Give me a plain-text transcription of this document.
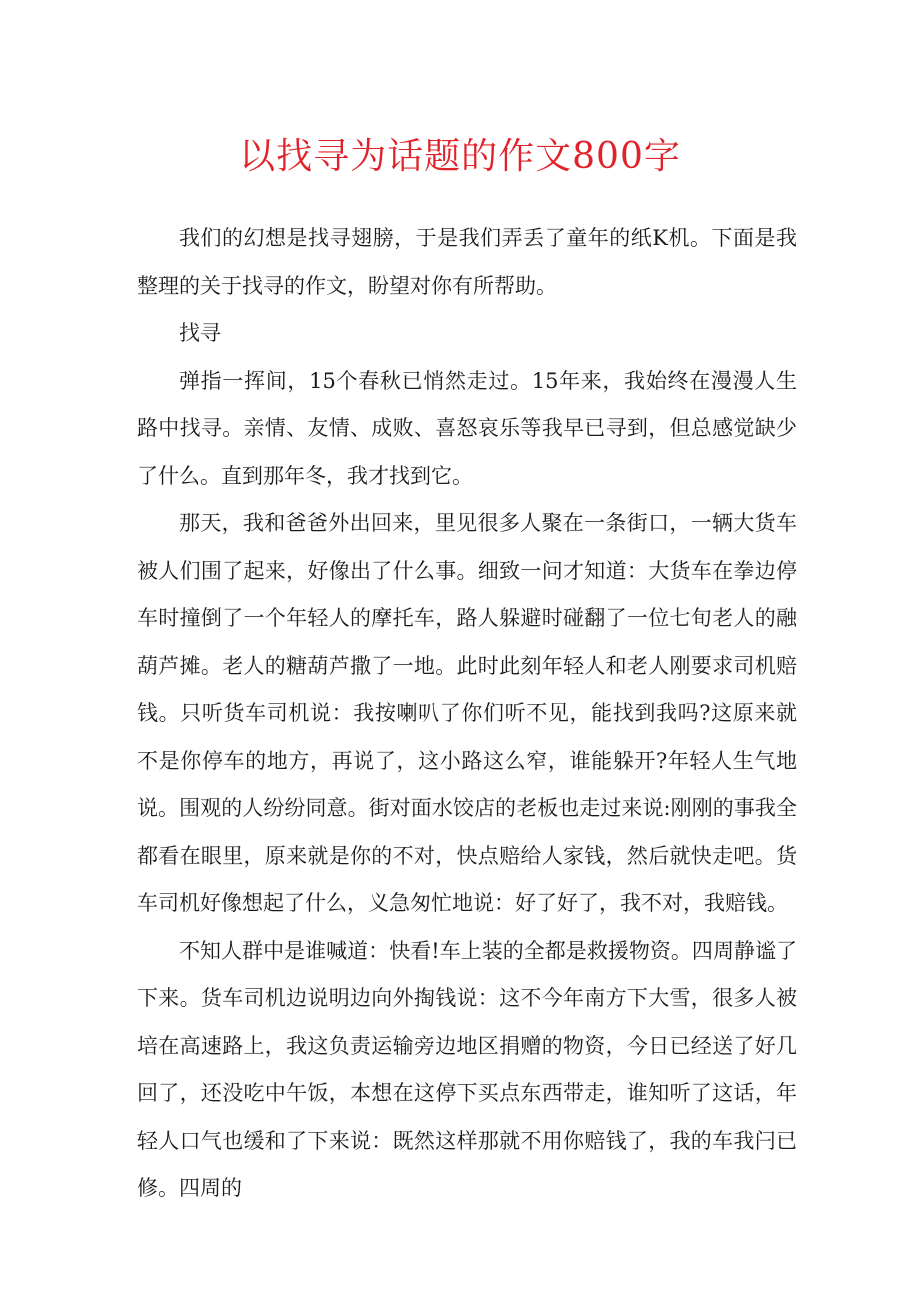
以找寻为话题的作文800字

我们的幻想是找寻翅膀，于是我们弄丢了童年的纸K机。下面是我整理的关于找寻的作文，盼望对你有所帮助。

找寻

弹指一挥间，15个春秋已悄然走过。15年来，我始终在漫漫人生路中找寻。亲情、友情、成败、喜怒哀乐等我早已寻到，但总感觉缺少了什么。直到那年冬，我才找到它。

那天，我和爸爸外出回来，里见很多人聚在一条街口，一辆大货车被人们围了起来，好像出了什么事。细致一问才知道：大货车在拳边停车时撞倒了一个年轻人的摩托车，路人躲避时碰翻了一位七旬老人的融葫芦摊。老人的糖葫芦撒了一地。此时此刻年轻人和老人刚要求司机赔钱。只听货车司机说：我按喇叭了你们听不见，能找到我吗?这原来就不是你停车的地方，再说了，这小路这么窄，谁能躲开?年轻人生气地说。围观的人纷纷同意。街对面水饺店的老板也走过来说:刚刚的事我全都看在眼里，原来就是你的不对，快点赔给人家钱，然后就快走吧。货车司机好像想起了什么，义急匆忙地说：好了好了，我不对，我赔钱。

不知人群中是谁喊道：快看!车上装的全都是救援物资。四周静谧了下来。货车司机边说明边向外掏钱说：这不今年南方下大雪，很多人被培在高速路上，我这负责运输旁边地区捐赠的物资，今日已经送了好几回了，还没吃中午饭，本想在这停下买点东西带走，谁知听了这话，年轻人口气也缓和了下来说：既然这样那就不用你赔钱了，我的车我闩已修。四周的
